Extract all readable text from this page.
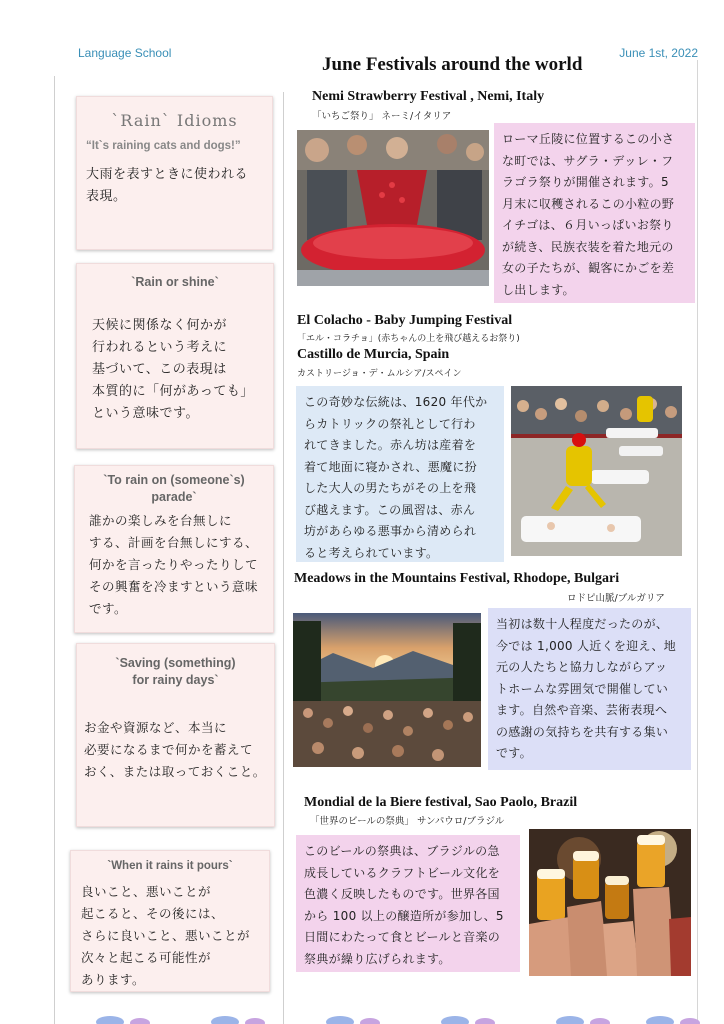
Language School	June 1st, 2022
June Festivals around the world
`Rain` Idioms
“It`s raining cats and dogs!”
大雨を表すときに使われる
表現。
`Rain or shine`
天候に関係なく何かが
行われるという考えに
基づいて、この表現は
本質的に「何があっても」
という意味です。
`To rain on (someone`s)
parade`
誰かの楽しみを台無しに
する、計画を台無しにする、
何かを言ったりやったりして
その興奮を冷ますという意味
です。
`Saving (something)
for rainy days`
お金や資源など、本当に
必要になるまで何かを蓄えて
おく、または取っておくこと。
`When it rains it pours`
良いこと、悪いことが
起こると、その後には、
さらに良いこと、悪いことが
次々と起こる可能性が
あります。
Nemi Strawberry Festival , Nemi, Italy
「いちご祭り」 ネーミ/イタリア
ローマ丘陵に位置するこの小さ
な町では、サグラ・デッレ・フ
ラゴラ祭りが開催されます。5
月末に収穫されるこの小粒の野
イチゴは、６月いっぱいお祭り
が続き、民族衣装を着た地元の
女の子たちが、観客にかごを差
し出します。
El Colacho - Baby Jumping Festival
「エル・コラチョ」(赤ちゃんの上を飛び越えるお祭り)
Castillo de Murcia, Spain
カストリージョ・デ・ムルシア/スペイン
この奇妙な伝統は、1620 年代か
らカトリックの祭礼として行わ
れてきました。赤ん坊は産着を
着て地面に寝かされ、悪魔に扮
した大人の男たちがその上を飛
び越えます。この風習は、赤ん
坊があらゆる悪事から清められ
ると考えられています。
Meadows in the Mountains Festival, Rhodope, Bulgari
ロドピ山脈/ブルガリア
当初は数十人程度だったのが、
今では 1,000 人近くを迎え、地
元の人たちと協力しながらアッ
トホームな雰囲気で開催してい
ます。自然や音楽、芸術表現へ
の感謝の気持ちを共有する集い
です。
Mondial de la Biere festival, Sao Paolo, Brazil
「世界のビールの祭典」 サンパウロ/ブラジル
このビールの祭典は、ブラジルの急
成長しているクラフトビール文化を
色濃く反映したものです。世界各国
から 100 以上の醸造所が参加し、5
日間にわたって食とビールと音楽の
祭典が繰り広げられます。
